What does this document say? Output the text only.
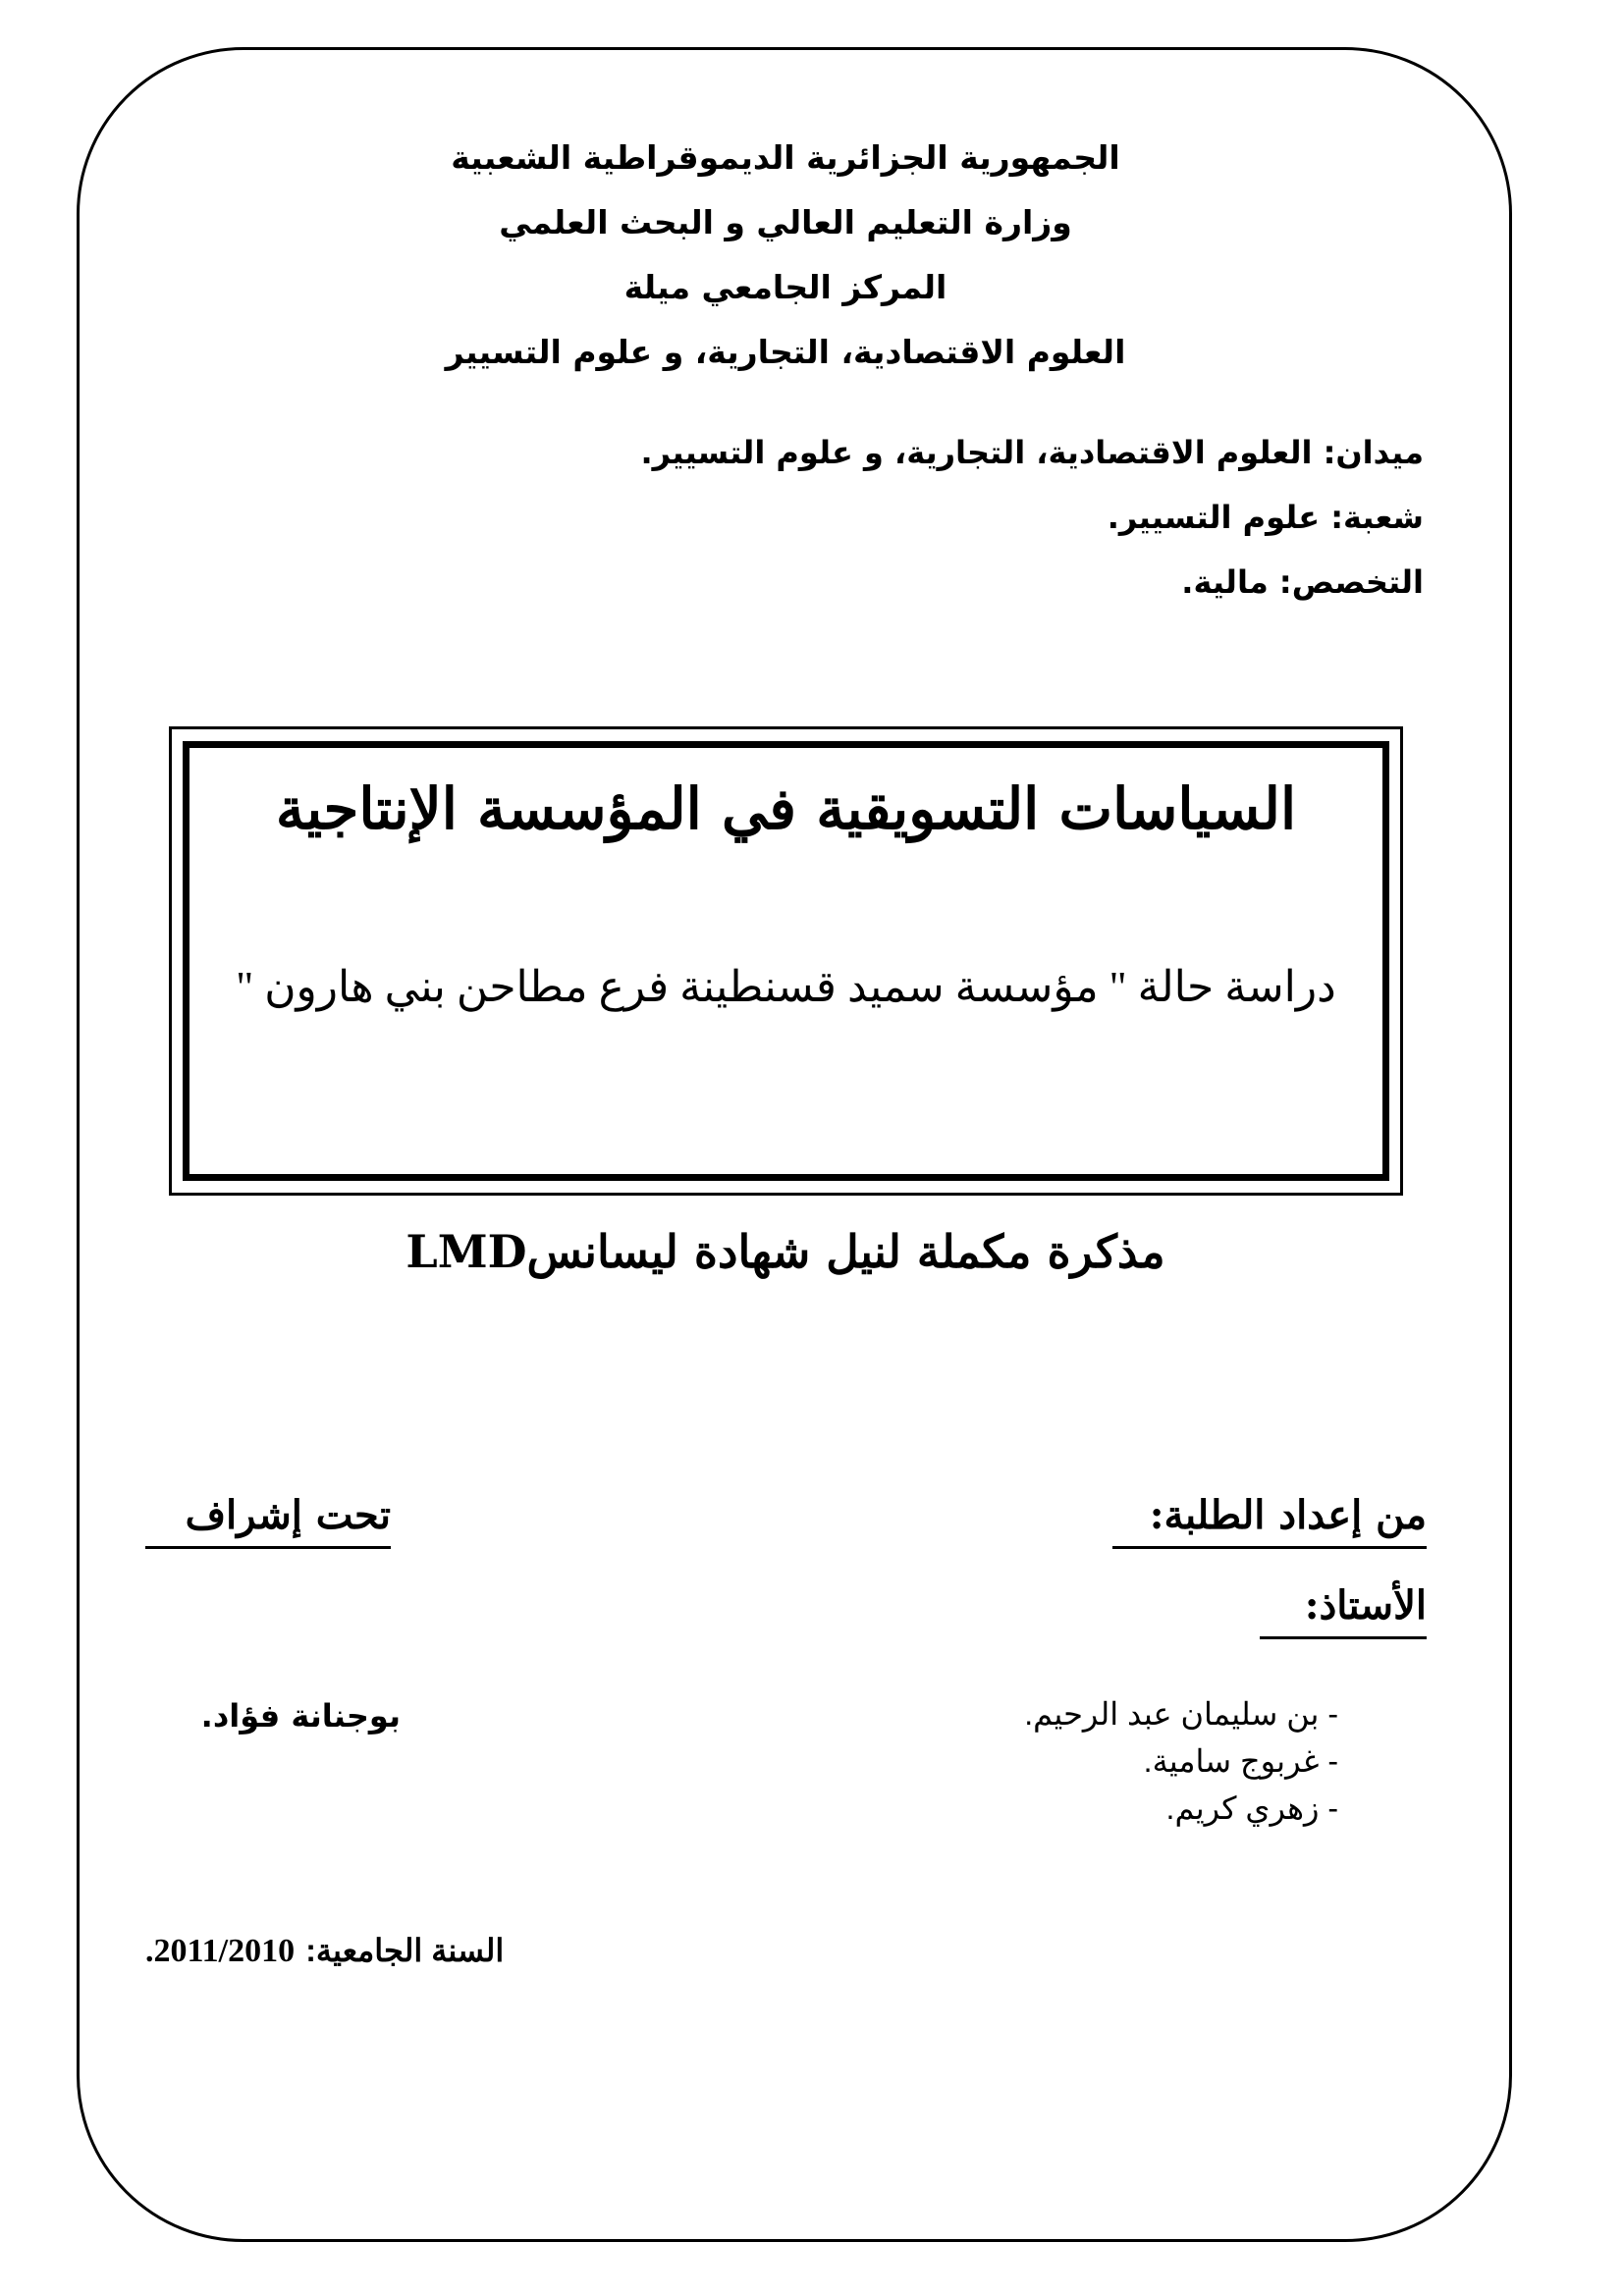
الجمهورية الجزائرية الديموقراطية الشعبية
وزارة التعليم العالي و البحث العلمي
المركز الجامعي ميلة
العلوم الاقتصادية، التجارية، و علوم التسيير
ميدان: العلوم الاقتصادية، التجارية، و علوم التسيير.
شعبة: علوم التسيير.
التخصص: مالية.
السياسات التسويقية في المؤسسة الإنتاجية
دراسة حالة " مؤسسة سميد قسنطينة فرع مطاحن بني هارون "
مذكرة مكملة لنيل شهادة ليسانسLMD
من إعداد الطلبة:
الأستاذ:
تحت إشراف
- بن سليمان عبد الرحيم.
- غربوج سامية.
- زهري كريم.
بوجنانة فؤاد.
السنة الجامعية: 2011/2010.
